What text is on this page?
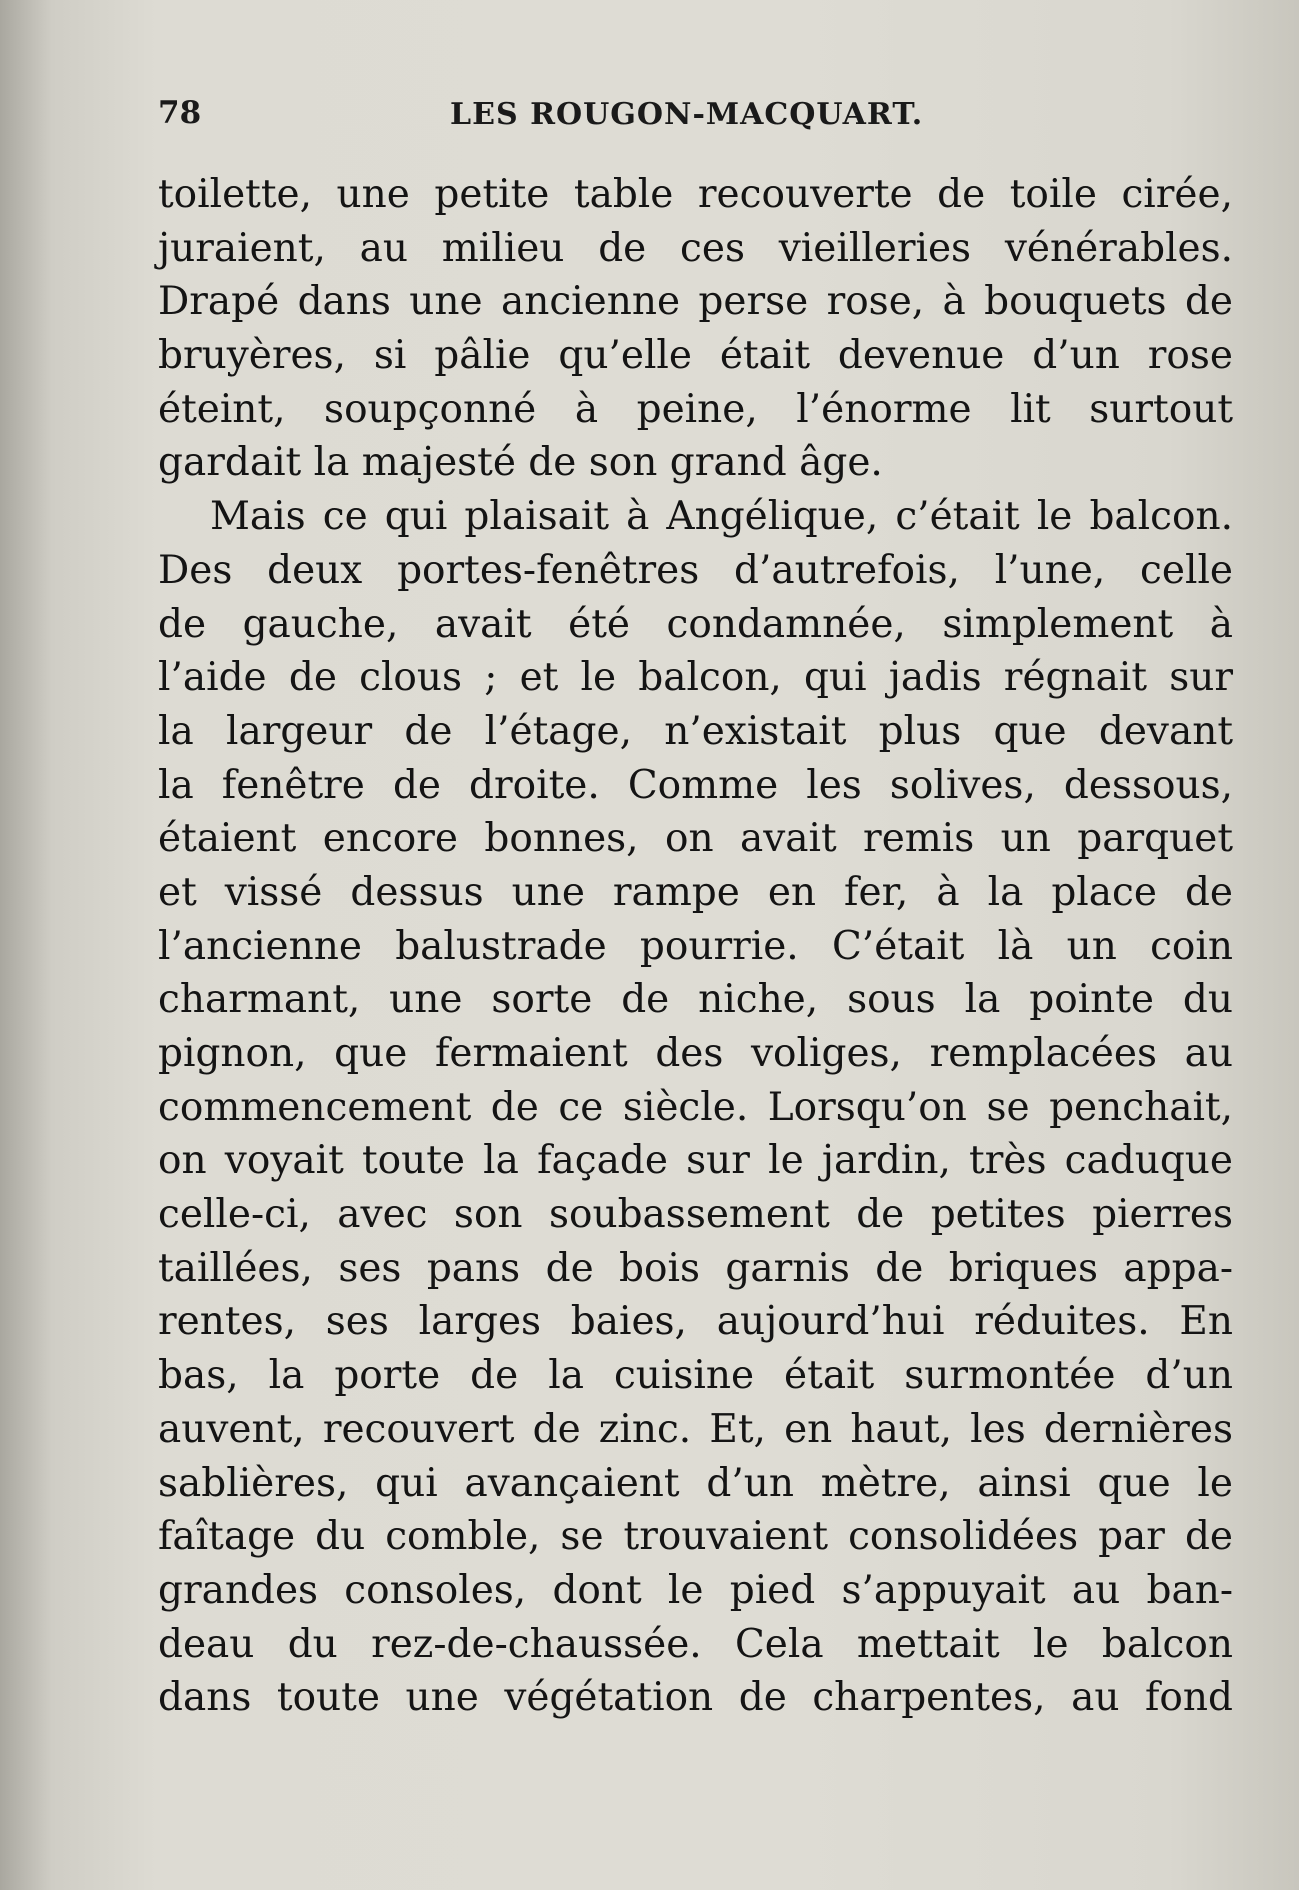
78	LES ROUGON-MACQUART.
toilette, une petite table recouverte de toile cirée,
juraient, au milieu de ces vieilleries vénérables.
Drapé dans une ancienne perse rose, à bouquets de
bruyères, si pâlie qu’elle était devenue d’un rose
éteint, soupçonné à peine, l’énorme lit surtout
gardait la majesté de son grand âge.
Mais ce qui plaisait à Angélique, c’était le balcon.
Des deux portes-fenêtres d’autrefois, l’une, celle
de gauche, avait été condamnée, simplement à
l’aide de clous ; et le balcon, qui jadis régnait sur
la largeur de l’étage, n’existait plus que devant
la fenêtre de droite. Comme les solives, dessous,
étaient encore bonnes, on avait remis un parquet
et vissé dessus une rampe en fer, à la place de
l’ancienne balustrade pourrie. C’était là un coin
charmant, une sorte de niche, sous la pointe du
pignon, que fermaient des voliges, remplacées au
commencement de ce siècle. Lorsqu’on se penchait,
on voyait toute la façade sur le jardin, très caduque
celle-ci, avec son soubassement de petites pierres
taillées, ses pans de bois garnis de briques appa-
rentes, ses larges baies, aujourd’hui réduites. En
bas, la porte de la cuisine était surmontée d’un
auvent, recouvert de zinc. Et, en haut, les dernières
sablières, qui avançaient d’un mètre, ainsi que le
faîtage du comble, se trouvaient consolidées par de
grandes consoles, dont le pied s’appuyait au ban-
deau du rez-de-chaussée. Cela mettait le balcon
dans toute une végétation de charpentes, au fond
